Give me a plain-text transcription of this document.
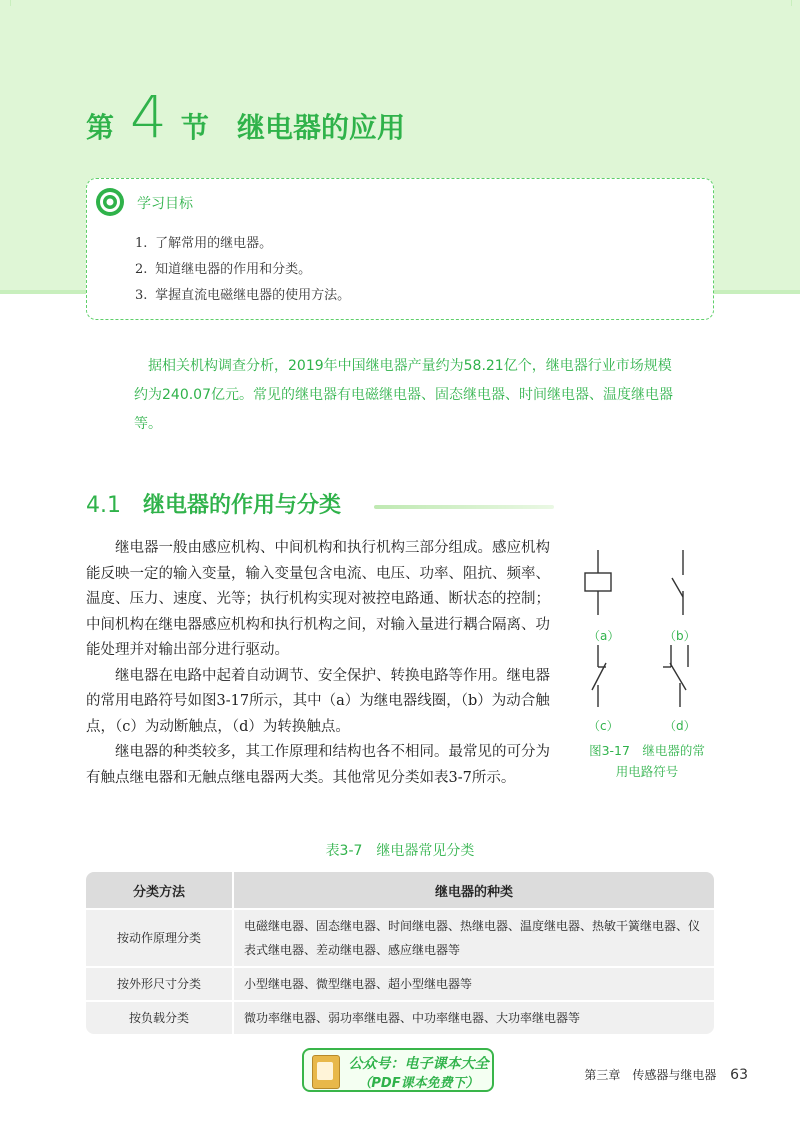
第 4 节 继电器的应用
学习目标
1. 了解常用的继电器。
2. 知道继电器的作用和分类。
3. 掌握直流电磁继电器的使用方法。
据相关机构调查分析，2019年中国继电器产量约为58.21亿个，继电器行业市场规模约为240.07亿元。常见的继电器有电磁继电器、固态继电器、时间继电器、温度继电器等。
4.1 继电器的作用与分类

继电器一般由感应机构、中间机构和执行机构三部分组成。感应机构能反映一定的输入变量，输入变量包含电流、电压、功率、阻抗、频率、温度、压力、速度、光等；执行机构实现对被控电路通、断状态的控制；中间机构在继电器感应机构和执行机构之间，对输入量进行耦合隔离、功能处理并对输出部分进行驱动。

继电器在电路中起着自动调节、安全保护、转换电路等作用。继电器的常用电路符号如图3-17所示，其中（a）为继电器线圈，（b）为动合触点，（c）为动断触点，（d）为转换触点。

继电器的种类较多，其工作原理和结构也各不相同。最常见的可分为有触点继电器和无触点继电器两大类。其他常见分类如表3-7所示。

（a）	（b）
（c）	（d）
图3-17　继电器的常
用电路符号
表3-7　继电器常见分类
分类方法	继电器的种类
按动作原理分类	电磁继电器、固态继电器、时间继电器、热继电器、温度继电器、热敏干簧继电器、仪表式继电器、差动继电器、感应继电器等
按外形尺寸分类	小型继电器、微型继电器、超小型继电器等
按负载分类	微功率继电器、弱功率继电器、中功率继电器、大功率继电器等
公众号：电子课本大全
（PDF课本免费下）
第三章　传感器与继电器 63
